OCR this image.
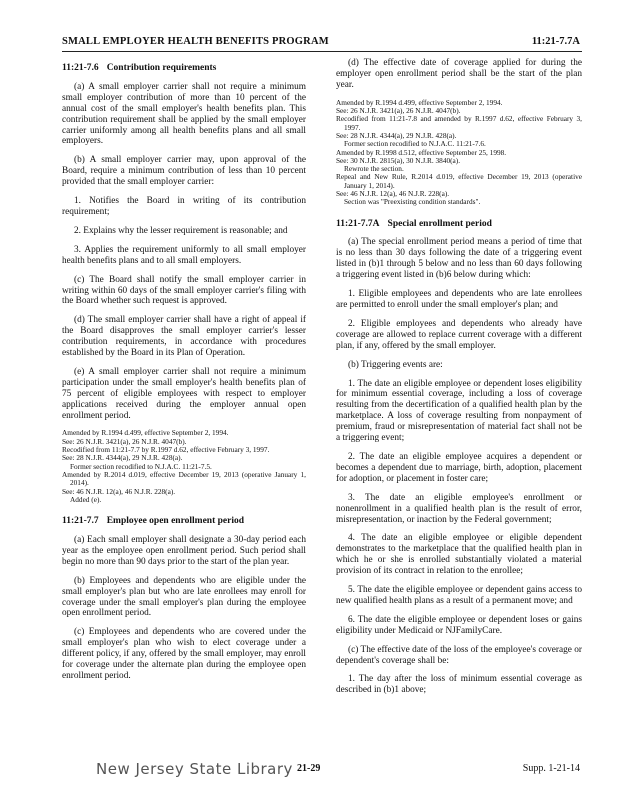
SMALL EMPLOYER HEALTH BENEFITS PROGRAM	11:21-7.7A
11:21-7.6 Contribution requirements

(a) A small employer carrier shall not require a minimum small employer contribution of more than 10 percent of the annual cost of the small employer's health benefits plan. This contribution requirement shall be applied by the small employer carrier uniformly among all health benefits plans and all small employers.

(b) A small employer carrier may, upon approval of the Board, require a minimum contribution of less than 10 percent provided that the small employer carrier:

1. Notifies the Board in writing of its contribution requirement;

2. Explains why the lesser requirement is reasonable; and

3. Applies the requirement uniformly to all small employer health benefits plans and to all small employers.

(c) The Board shall notify the small employer carrier in writing within 60 days of the small employer carrier's filing with the Board whether such request is approved.

(d) The small employer carrier shall have a right of appeal if the Board disapproves the small employer carrier's lesser contribution requirements, in accordance with procedures established by the Board in its Plan of Operation.

(e) A small employer carrier shall not require a minimum participation under the small employer's health benefits plan of 75 percent of eligible employees with respect to employer applications received during the employer annual open enrollment period.

Amended by R.1994 d.499, effective September 2, 1994.
See: 26 N.J.R. 3421(a), 26 N.J.R. 4047(b).
Recodified from 11:21-7.7 by R.1997 d.62, effective February 3, 1997.
See: 28 N.J.R. 4344(a), 29 N.J.R. 428(a).
Former section recodified to N.J.A.C. 11:21-7.5.
Amended by R.2014 d.019, effective December 19, 2013 (operative January 1, 2014).
See: 46 N.J.R. 12(a), 46 N.J.R. 228(a).
Added (e).
11:21-7.7 Employee open enrollment period

(a) Each small employer shall designate a 30-day period each year as the employee open enrollment period. Such period shall begin no more than 90 days prior to the start of the plan year.

(b) Employees and dependents who are eligible under the small employer's plan but who are late enrollees may enroll for coverage under the small employer's plan during the employee open enrollment period.

(c) Employees and dependents who are covered under the small employer's plan who wish to elect coverage under a different policy, if any, offered by the small employer, may enroll for coverage under the alternate plan during the employee open enrollment period.

(d) The effective date of coverage applied for during the employer open enrollment period shall be the start of the plan year.

Amended by R.1994 d.499, effective September 2, 1994.
See: 26 N.J.R. 3421(a), 26 N.J.R. 4047(b).
Recodified from 11:21-7.8 and amended by R.1997 d.62, effective February 3, 1997.
See: 28 N.J.R. 4344(a), 29 N.J.R. 428(a).
Former section recodified to N.J.A.C. 11:21-7.6.
Amended by R.1998 d.512, effective September 25, 1998.
See: 30 N.J.R. 2815(a), 30 N.J.R. 3840(a).
Rewrote the section.
Repeal and New Rule, R.2014 d.019, effective December 19, 2013 (operative January 1, 2014).
See: 46 N.J.R. 12(a), 46 N.J.R. 228(a).
Section was "Preexisting condition standards".
11:21-7.7A Special enrollment period

(a) The special enrollment period means a period of time that is no less than 30 days following the date of a triggering event listed in (b)1 through 5 below and no less than 60 days following a triggering event listed in (b)6 below during which:

1. Eligible employees and dependents who are late enrollees are permitted to enroll under the small employer's plan; and

2. Eligible employees and dependents who already have coverage are allowed to replace current coverage with a different plan, if any, offered by the small employer.

(b) Triggering events are:

1. The date an eligible employee or dependent loses eligibility for minimum essential coverage, including a loss of coverage resulting from the decertification of a qualified health plan by the marketplace. A loss of coverage resulting from nonpayment of premium, fraud or misrepresentation of material fact shall not be a triggering event;

2. The date an eligible employee acquires a dependent or becomes a dependent due to marriage, birth, adoption, placement for adoption, or placement in foster care;

3. The date an eligible employee's enrollment or nonenrollment in a qualified health plan is the result of error, misrepresentation, or inaction by the Federal government;

4. The date an eligible employee or eligible dependent demonstrates to the marketplace that the qualified health plan in which he or she is enrolled substantially violated a material provision of its contract in relation to the enrollee;

5. The date the eligible employee or dependent gains access to new qualified health plans as a result of a permanent move; and

6. The date the eligible employee or dependent loses or gains eligibility under Medicaid or NJFamilyCare.

(c) The effective date of the loss of the employee's coverage or dependent's coverage shall be:

1. The day after the loss of minimum essential coverage as described in (b)1 above;

New Jersey State Library 21-29	Supp. 1-21-14
